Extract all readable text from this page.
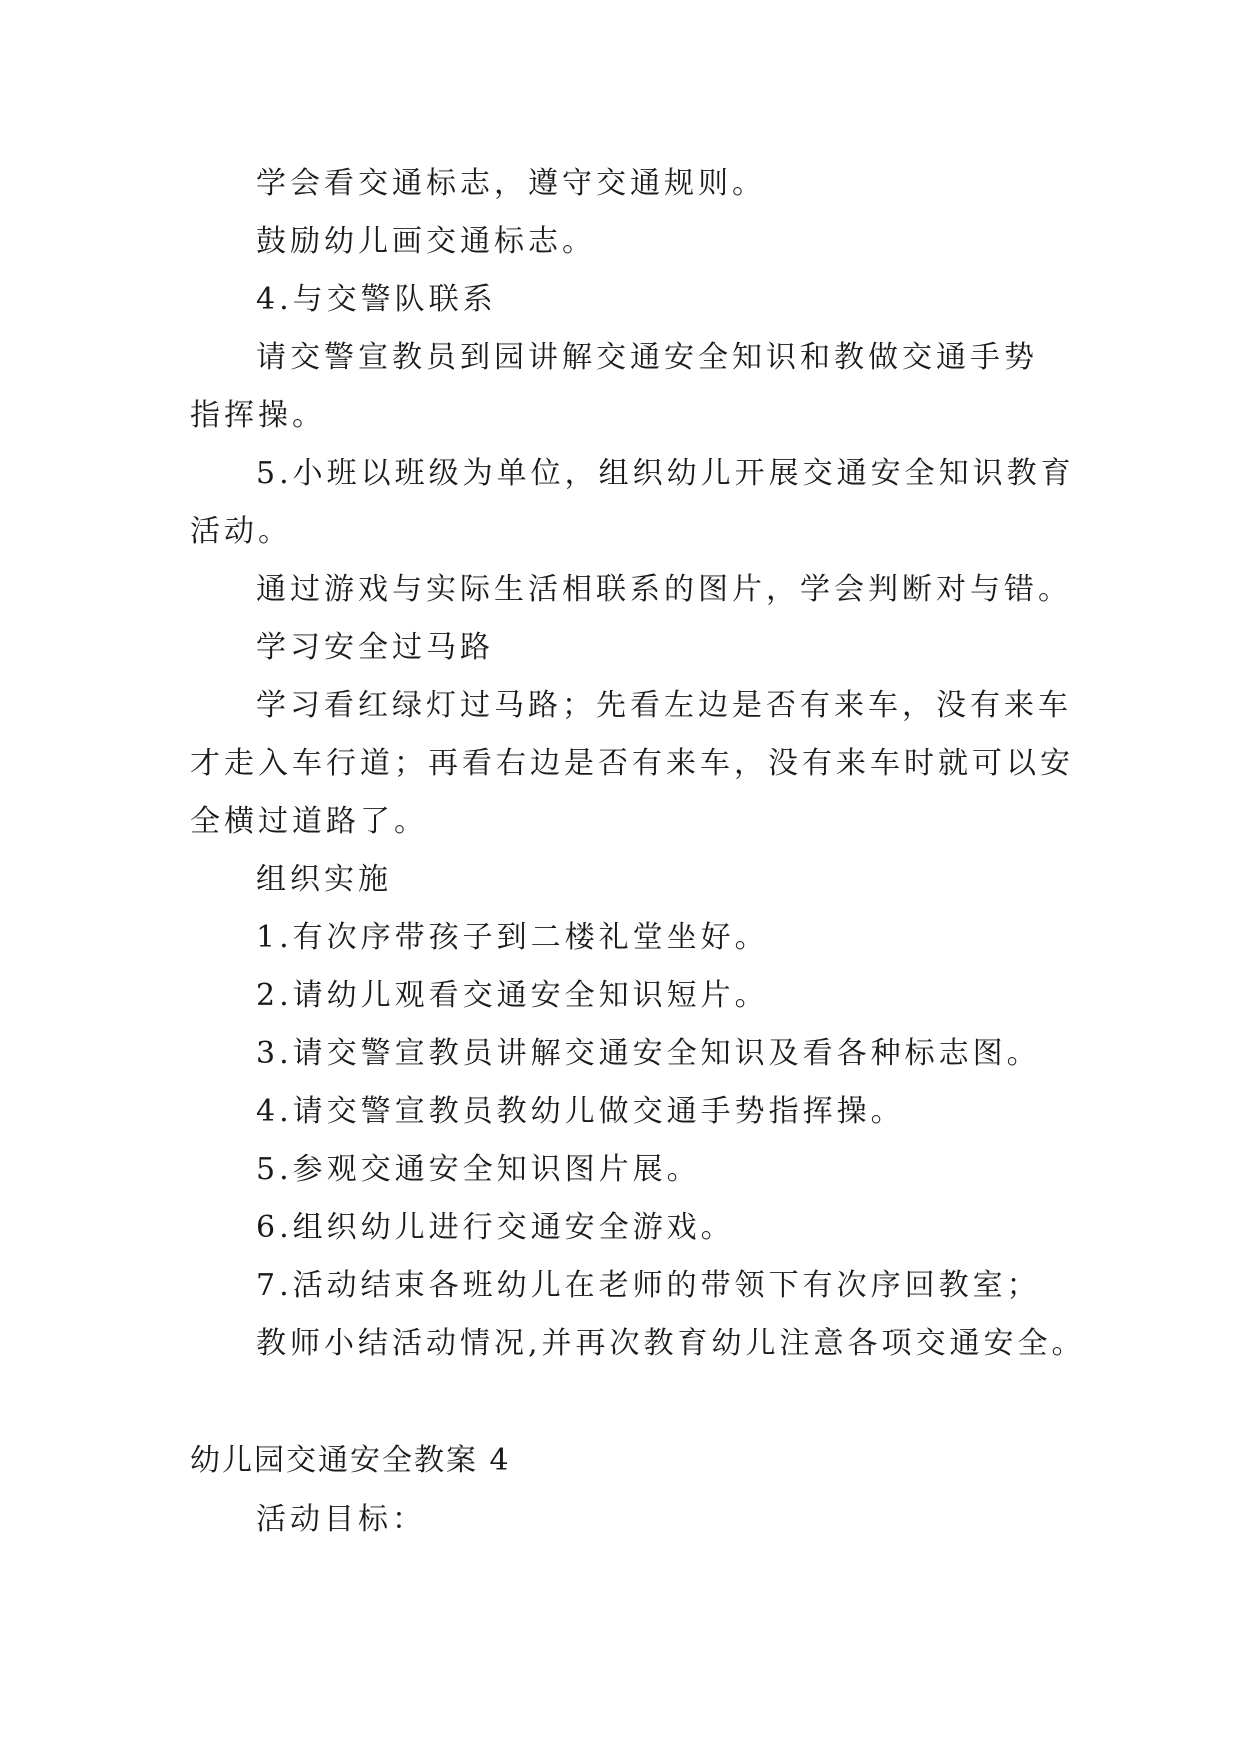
学会看交通标志，遵守交通规则。
鼓励幼儿画交通标志。
4.与交警队联系
请交警宣教员到园讲解交通安全知识和教做交通手势
指挥操。
5.小班以班级为单位，组织幼儿开展交通安全知识教育
活动。
通过游戏与实际生活相联系的图片，学会判断对与错。
学习安全过马路
学习看红绿灯过马路；先看左边是否有来车，没有来车
才走入车行道；再看右边是否有来车，没有来车时就可以安
全横过道路了。
组织实施
1.有次序带孩子到二楼礼堂坐好。
2.请幼儿观看交通安全知识短片。
3.请交警宣教员讲解交通安全知识及看各种标志图。
4.请交警宣教员教幼儿做交通手势指挥操。
5.参观交通安全知识图片展。
6.组织幼儿进行交通安全游戏。
7.活动结束各班幼儿在老师的带领下有次序回教室；
教师小结活动情况,并再次教育幼儿注意各项交通安全。
幼儿园交通安全教案 4
活动目标：
